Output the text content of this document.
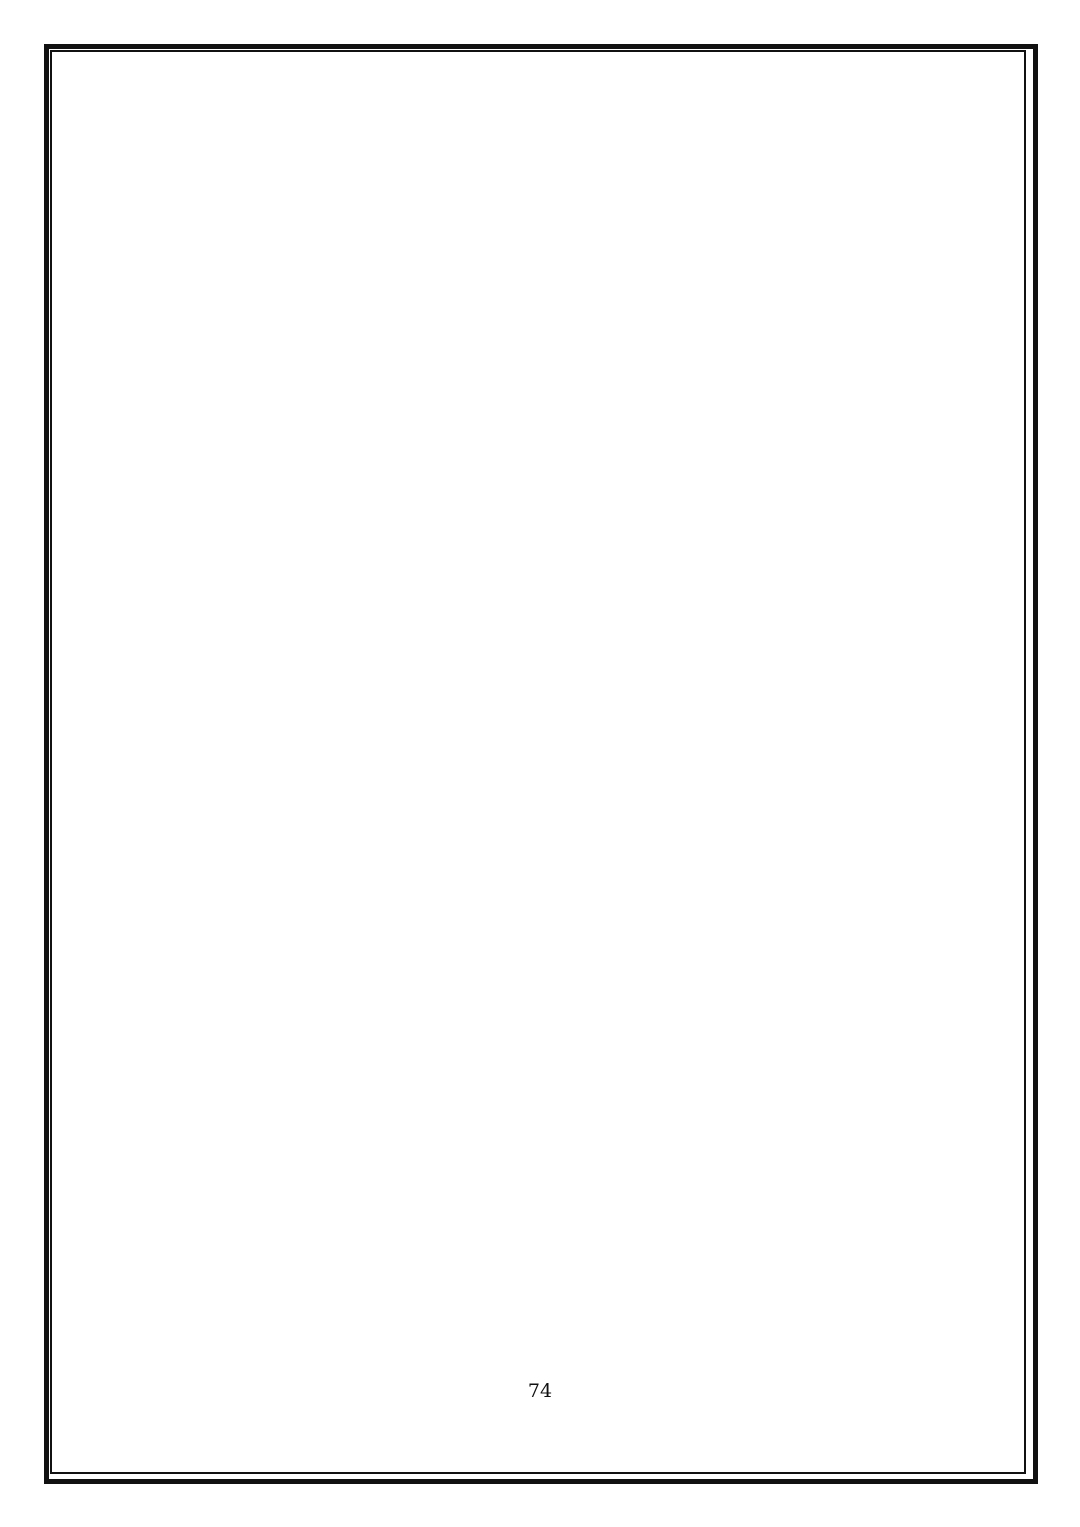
74
